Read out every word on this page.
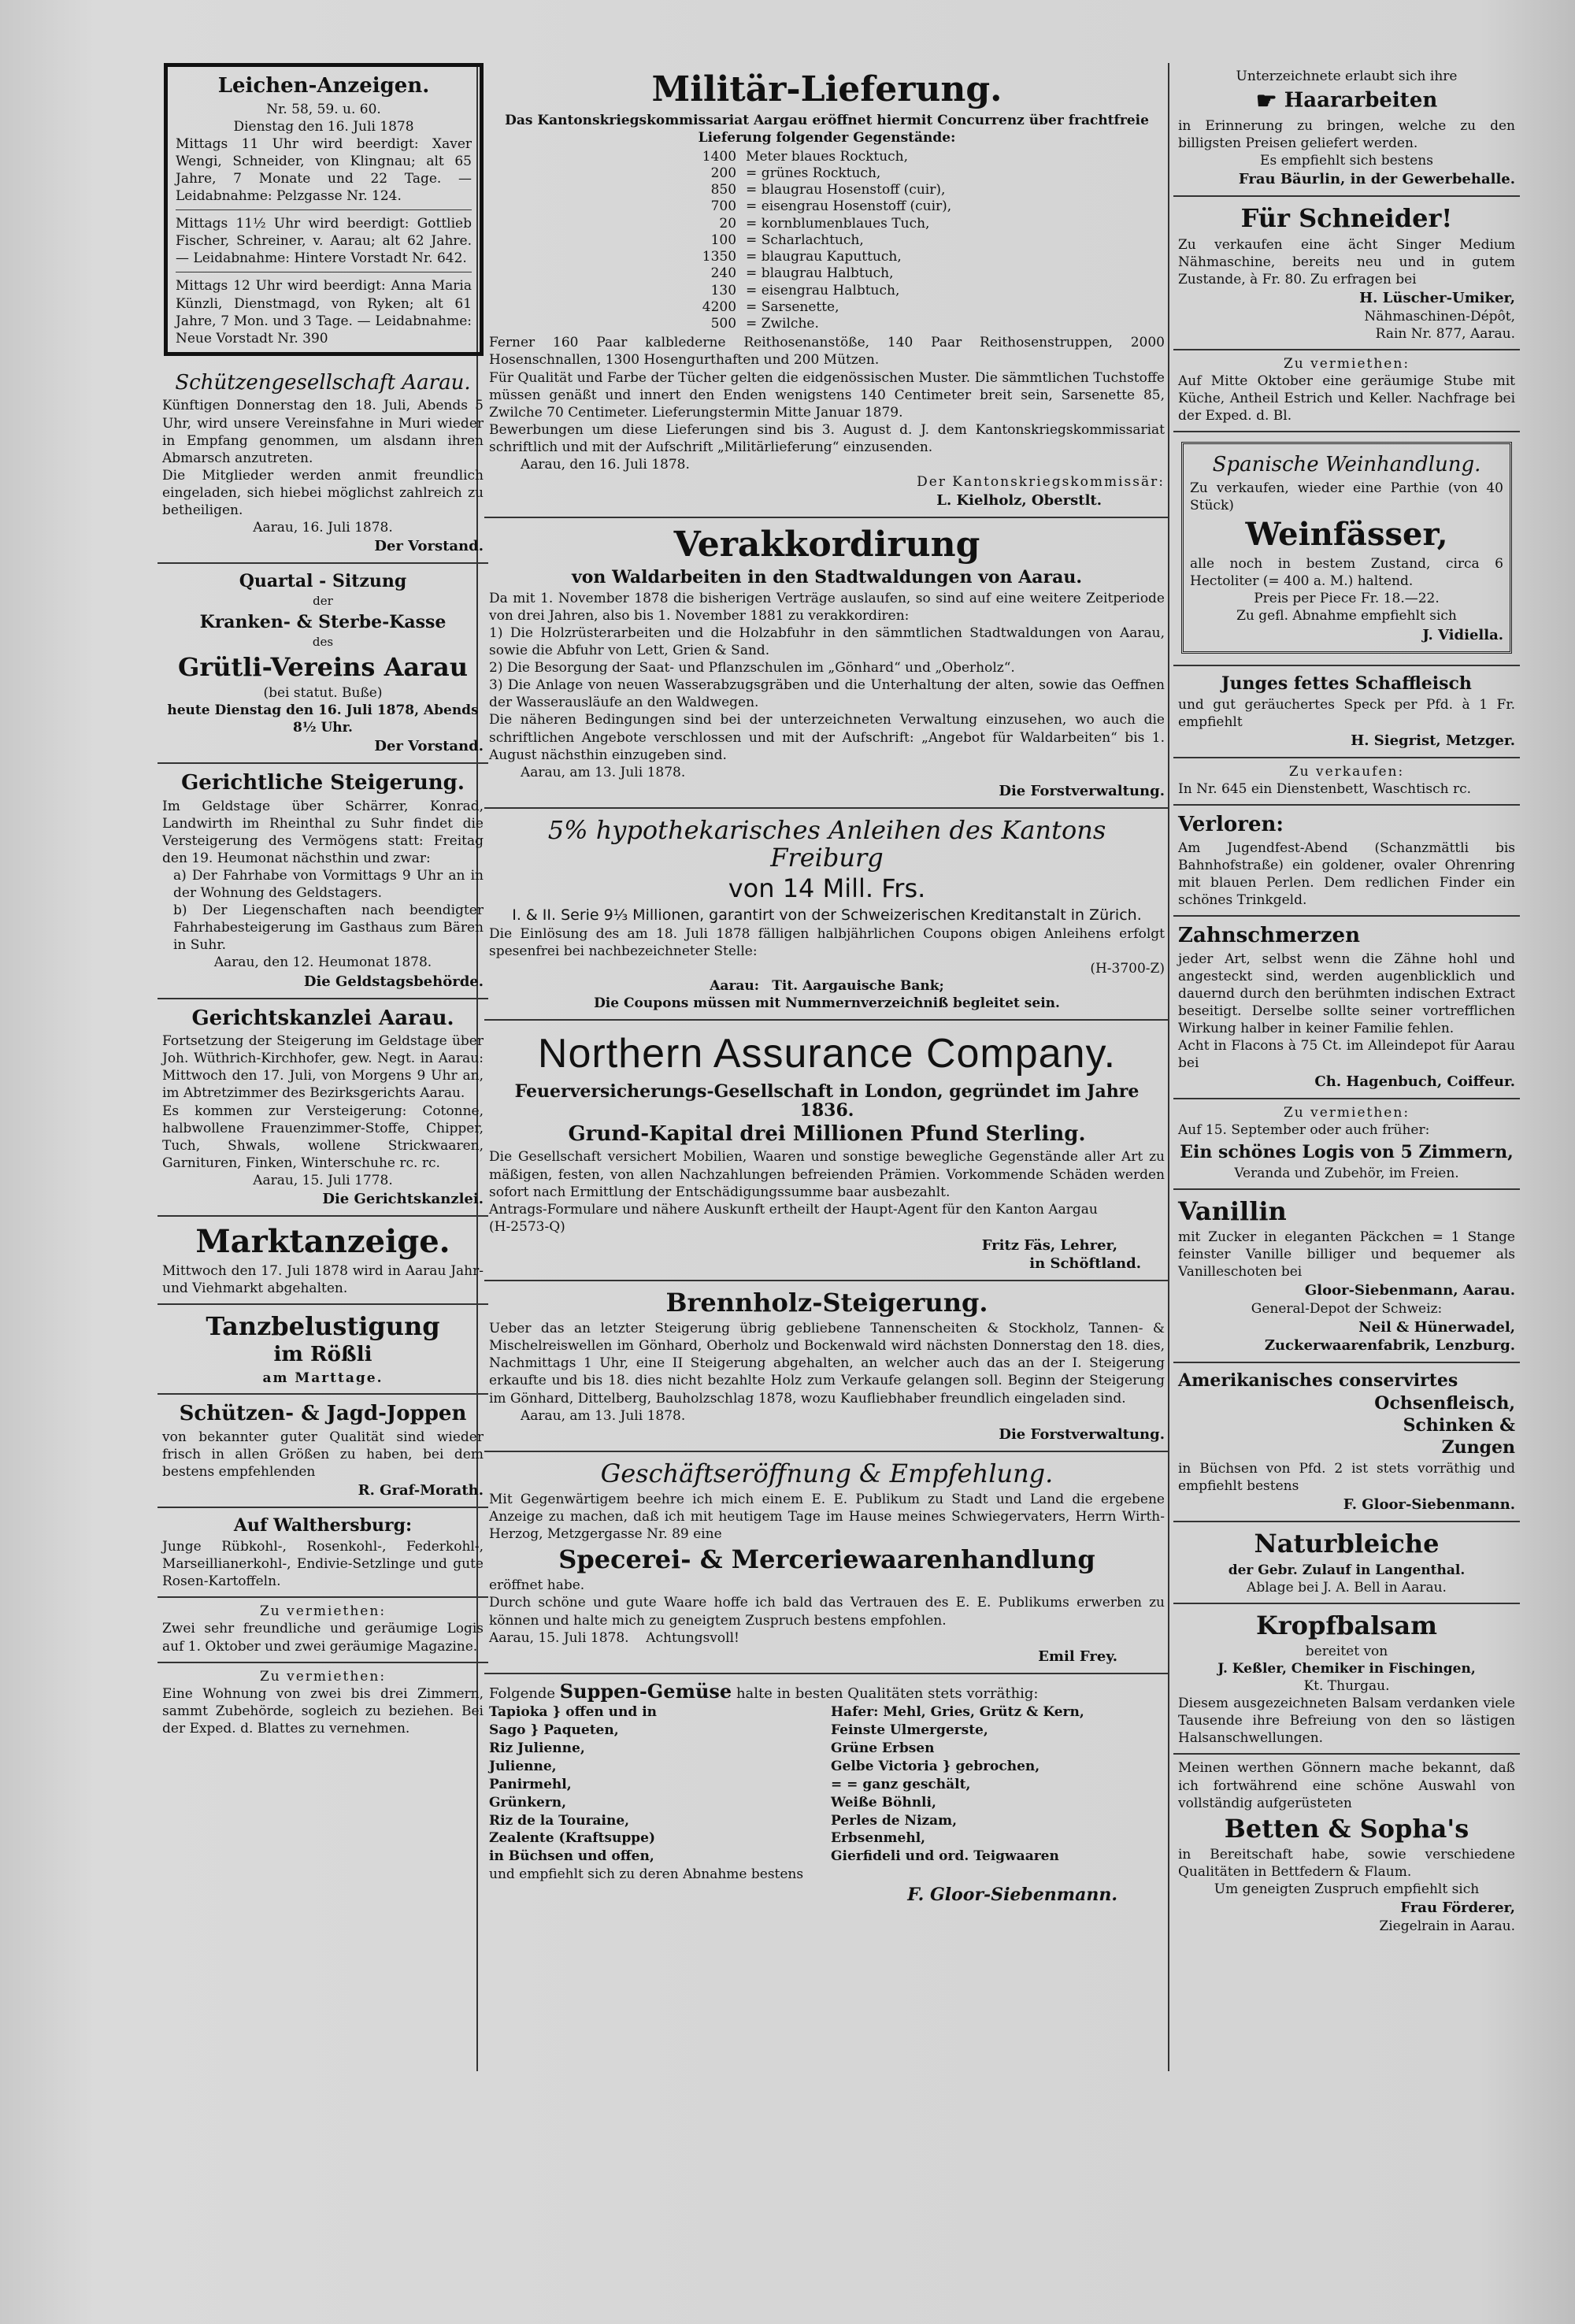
Leichen-Anzeigen.

Nr. 58, 59. u. 60.

Dienstag den 16. Juli 1878

Mittags 11 Uhr wird beerdigt: Xaver Wengi, Schneider, von Klingnau; alt 65 Jahre, 7 Monate und 22 Tage. — Leidabnahme: Pelzgasse Nr. 124.

Mittags 11½ Uhr wird beerdigt: Gottlieb Fischer, Schreiner, v. Aarau; alt 62 Jahre. — Leidabnahme: Hintere Vorstadt Nr. 642.

Mittags 12 Uhr wird beerdigt: Anna Maria Künzli, Dienstmagd, von Ryken; alt 61 Jahre, 7 Mon. und 3 Tage. — Leidabnahme: Neue Vorstadt Nr. 390

Schützengesellschaft Aarau.

Künftigen Donnerstag den 18. Juli, Abends 5 Uhr, wird unsere Vereinsfahne in Muri wieder in Empfang genommen, um alsdann ihren Abmarsch anzutreten.

Die Mitglieder werden anmit freundlich eingeladen, sich hiebei möglichst zahlreich zu betheiligen.

Aarau, 16. Juli 1878.

Der Vorstand.
Quartal - Sitzung

der

Kranken- & Sterbe-Kasse

des

Grütli-Vereins Aarau

(bei statut. Buße)

heute Dienstag den 16. Juli 1878, Abends 8½ Uhr.

Der Vorstand.
Gerichtliche Steigerung.

Im Geldstage über Schärrer, Konrad, Landwirth im Rheinthal zu Suhr findet die Versteigerung des Vermögens statt: Freitag den 19. Heumonat nächsthin und zwar:

a) Der Fahrhabe von Vormittags 9 Uhr an in der Wohnung des Geldstagers.

b) Der Liegenschaften nach beendigter Fahrhabesteigerung im Gasthaus zum Bären in Suhr.

Aarau, den 12. Heumonat 1878.

Die Geldstagsbehörde.
Gerichtskanzlei Aarau.

Fortsetzung der Steigerung im Geldstage über Joh. Wüthrich-Kirchhofer, gew. Negt. in Aarau: Mittwoch den 17. Juli, von Morgens 9 Uhr an, im Abtretzimmer des Bezirksgerichts Aarau.

Es kommen zur Versteigerung: Cotonne, halbwollene Frauenzimmer-Stoffe, Chipper, Tuch, Shwals, wollene Strickwaaren, Garnituren, Finken, Winterschuhe rc. rc.

Aarau, 15. Juli 1778.

Die Gerichtskanzlei.
Marktanzeige.

Mittwoch den 17. Juli 1878 wird in Aarau Jahr- und Viehmarkt abgehalten.

Tanzbelustigung
im Rößli

am Marttage.

Schützen- & Jagd-Joppen

von bekannter guter Qualität sind wieder frisch in allen Größen zu haben, bei dem bestens empfehlenden

R. Graf-Morath.
Auf Walthersburg:

Junge Rübkohl-, Rosenkohl-, Federkohl-, Marseillianerkohl-, Endivie-Setzlinge und gute Rosen-Kartoffeln.

Zu vermiethen:

Zwei sehr freundliche und geräumige Logis auf 1. Oktober und zwei geräumige Magazine.

Zu vermiethen:

Eine Wohnung von zwei bis drei Zimmern, sammt Zubehörde, sogleich zu beziehen. Bei der Exped. d. Blattes zu vernehmen.

Militär-Lieferung.

Das Kantonskriegskommissariat Aargau eröffnet hiermit Concurrenz über frachtfreie Lieferung folgender Gegenstände:

1400	Meter blaues Rocktuch,
200	= grünes Rocktuch,
850	= blaugrau Hosenstoff (cuir),
700	= eisengrau Hosenstoff (cuir),
20	= kornblumenblaues Tuch,
100	= Scharlachtuch,
1350	= blaugrau Kaputtuch,
240	= blaugrau Halbtuch,
130	= eisengrau Halbtuch,
4200	= Sarsenette,
500	= Zwilche.

Ferner 160 Paar kalblederne Reithosenanstöße, 140 Paar Reithosenstruppen, 2000 Hosenschnallen, 1300 Hosengurthaften und 200 Mützen.

Für Qualität und Farbe der Tücher gelten die eidgenössischen Muster. Die sämmtlichen Tuchstoffe müssen genäßt und innert den Enden wenigstens 140 Centimeter breit sein, Sarsenette 85, Zwilche 70 Centimeter. Lieferungstermin Mitte Januar 1879.

Bewerbungen um diese Lieferungen sind bis 3. August d. J. dem Kantonskriegskommissariat schriftlich und mit der Aufschrift „Militärlieferung“ einzusenden.

Aarau, den 16. Juli 1878.

Der Kantonskriegskommissär:

L. Kielholz, Oberstlt.
Verakkordirung
von Waldarbeiten in den Stadtwaldungen von Aarau.

Da mit 1. November 1878 die bisherigen Verträge auslaufen, so sind auf eine weitere Zeitperiode von drei Jahren, also bis 1. November 1881 zu verakkordiren:

1) Die Holzrüsterarbeiten und die Holzabfuhr in den sämmtlichen Stadtwaldungen von Aarau, sowie die Abfuhr von Lett, Grien & Sand.

2) Die Besorgung der Saat- und Pflanzschulen im „Gönhard“ und „Oberholz“.

3) Die Anlage von neuen Wasserabzugsgräben und die Unterhaltung der alten, sowie das Oeffnen der Wasserausläufe an den Waldwegen.

Die näheren Bedingungen sind bei der unterzeichneten Verwaltung einzusehen, wo auch die schriftlichen Angebote verschlossen und mit der Aufschrift: „Angebot für Waldarbeiten“ bis 1. August nächsthin einzugeben sind.

Aarau, am 13. Juli 1878.

Die Forstverwaltung.
5% hypothekarisches Anleihen des Kantons Freiburg
von 14 Mill. Frs.

I. & II. Serie 9⅓ Millionen, garantirt von der Schweizerischen Kreditanstalt in Zürich.

Die Einlösung des am 18. Juli 1878 fälligen halbjährlichen Coupons obigen Anleihens erfolgt spesenfrei bei nachbezeichneter Stelle:

(H-3700-Z)

Aarau: Tit. Aargauische Bank;

Die Coupons müssen mit Nummernverzeichniß begleitet sein.

Northern Assurance Company.
Feuerversicherungs-Gesellschaft in London, gegründet im Jahre 1836.
Grund-Kapital drei Millionen Pfund Sterling.

Die Gesellschaft versichert Mobilien, Waaren und sonstige bewegliche Gegenstände aller Art zu mäßigen, festen, von allen Nachzahlungen befreienden Prämien. Vorkommende Schäden werden sofort nach Ermittlung der Entschädigungssumme baar ausbezahlt.

Antrags-Formulare und nähere Auskunft ertheilt der Haupt-Agent für den Kanton Aargau

(H-2573-Q)

Fritz Fäs, Lehrer,
in Schöftland.
Brennholz-Steigerung.

Ueber das an letzter Steigerung übrig gebliebene Tannenscheiten & Stockholz, Tannen- & Mischelreiswellen im Gönhard, Oberholz und Bockenwald wird nächsten Donnerstag den 18. dies, Nachmittags 1 Uhr, eine II Steigerung abgehalten, an welcher auch das an der I. Steigerung erkaufte und bis 18. dies nicht bezahlte Holz zum Verkaufe gelangen soll. Beginn der Steigerung im Gönhard, Dittelberg, Bauholzschlag 1878, wozu Kaufliebhaber freundlich eingeladen sind.

Aarau, am 13. Juli 1878.

Die Forstverwaltung.
Geschäftseröffnung & Empfehlung.

Mit Gegenwärtigem beehre ich mich einem E. E. Publikum zu Stadt und Land die ergebene Anzeige zu machen, daß ich mit heutigem Tage im Hause meines Schwiegervaters, Herrn Wirth-Herzog, Metzgergasse Nr. 89 eine

Specerei- & Merceriewaarenhandlung

eröffnet habe.

Durch schöne und gute Waare hoffe ich bald das Vertrauen des E. E. Publikums erwerben zu können und halte mich zu geneigtem Zuspruch bestens empfohlen.

Aarau, 15. Juli 1878. Achtungsvoll!

Emil Frey.

Folgende Suppen-Gemüse halte in besten Qualitäten stets vorräthig:

Tapioka } offen und in
Sago } Paqueten,
Riz Julienne,
Julienne,
Panirmehl,
Grünkern,
Riz de la Touraine,
Zealente (Kraftsuppe)
in Büchsen und offen,
Hafer: Mehl, Gries, Grütz & Kern,
Feinste Ulmergerste,
Grüne Erbsen
Gelbe Victoria } gebrochen,
= = ganz geschält,
Weiße Böhnli,
Perles de Nizam,
Erbsenmehl,
Gierfideli und ord. Teigwaaren

und empfiehlt sich zu deren Abnahme bestens

F. Gloor-Siebenmann.

Unterzeichnete erlaubt sich ihre

☛ Haararbeiten

in Erinnerung zu bringen, welche zu den billigsten Preisen geliefert werden.

Es empfiehlt sich bestens

Frau Bäurlin, in der Gewerbehalle.
Für Schneider!

Zu verkaufen eine ächt Singer Medium Nähmaschine, bereits neu und in gutem Zustande, à Fr. 80. Zu erfragen bei

H. Lüscher-Umiker,

Nähmaschinen-Dépôt,

Rain Nr. 877, Aarau.

Zu vermiethen:

Auf Mitte Oktober eine geräumige Stube mit Küche, Antheil Estrich und Keller. Nachfrage bei der Exped. d. Bl.

Spanische Weinhandlung.

Zu verkaufen, wieder eine Parthie (von 40 Stück)

Weinfässer,

alle noch in bestem Zustand, circa 6 Hectoliter (= 400 a. M.) haltend.

Preis per Piece Fr. 18.—22.

Zu gefl. Abnahme empfiehlt sich

J. Vidiella.
Junges fettes Schaffleisch

und gut geräuchertes Speck per Pfd. à 1 Fr. empfiehlt

H. Siegrist, Metzger.

Zu verkaufen:

In Nr. 645 ein Dienstenbett, Waschtisch rc.

Verloren:

Am Jugendfest-Abend (Schanzmättli bis Bahnhofstraße) ein goldener, ovaler Ohrenring mit blauen Perlen. Dem redlichen Finder ein schönes Trinkgeld.

Zahnschmerzen

jeder Art, selbst wenn die Zähne hohl und angesteckt sind, werden augenblicklich und dauernd durch den berühmten indischen Extract beseitigt. Derselbe sollte seiner vortrefflichen Wirkung halber in keiner Familie fehlen.

Acht in Flacons à 75 Ct. im Alleindepot für Aarau bei

Ch. Hagenbuch, Coiffeur.

Zu vermiethen:

Auf 15. September oder auch früher:

Ein schönes Logis von 5 Zimmern,

Veranda und Zubehör, im Freien.

Vanillin

mit Zucker in eleganten Päckchen = 1 Stange feinster Vanille billiger und bequemer als Vanilleschoten bei

Gloor-Siebenmann, Aarau.

General-Depot der Schweiz:

Neil & Hünerwadel,
Zuckerwaarenfabrik, Lenzburg.
Amerikanisches conservirtes
Ochsenfleisch,
Schinken &
Zungen

in Büchsen von Pfd. 2 ist stets vorräthig und empfiehlt bestens

F. Gloor-Siebenmann.
Naturbleiche

der Gebr. Zulauf in Langenthal.

Ablage bei J. A. Bell in Aarau.

Kropfbalsam

bereitet von

J. Keßler, Chemiker in Fischingen,

Kt. Thurgau.

Diesem ausgezeichneten Balsam verdanken viele Tausende ihre Befreiung von den so lästigen Halsanschwellungen.

Meinen werthen Gönnern mache bekannt, daß ich fortwährend eine schöne Auswahl von vollständig aufgerüsteten

Betten & Sopha's

in Bereitschaft habe, sowie verschiedene Qualitäten in Bettfedern & Flaum.

Um geneigten Zuspruch empfiehlt sich

Frau Förderer,

Ziegelrain in Aarau.
